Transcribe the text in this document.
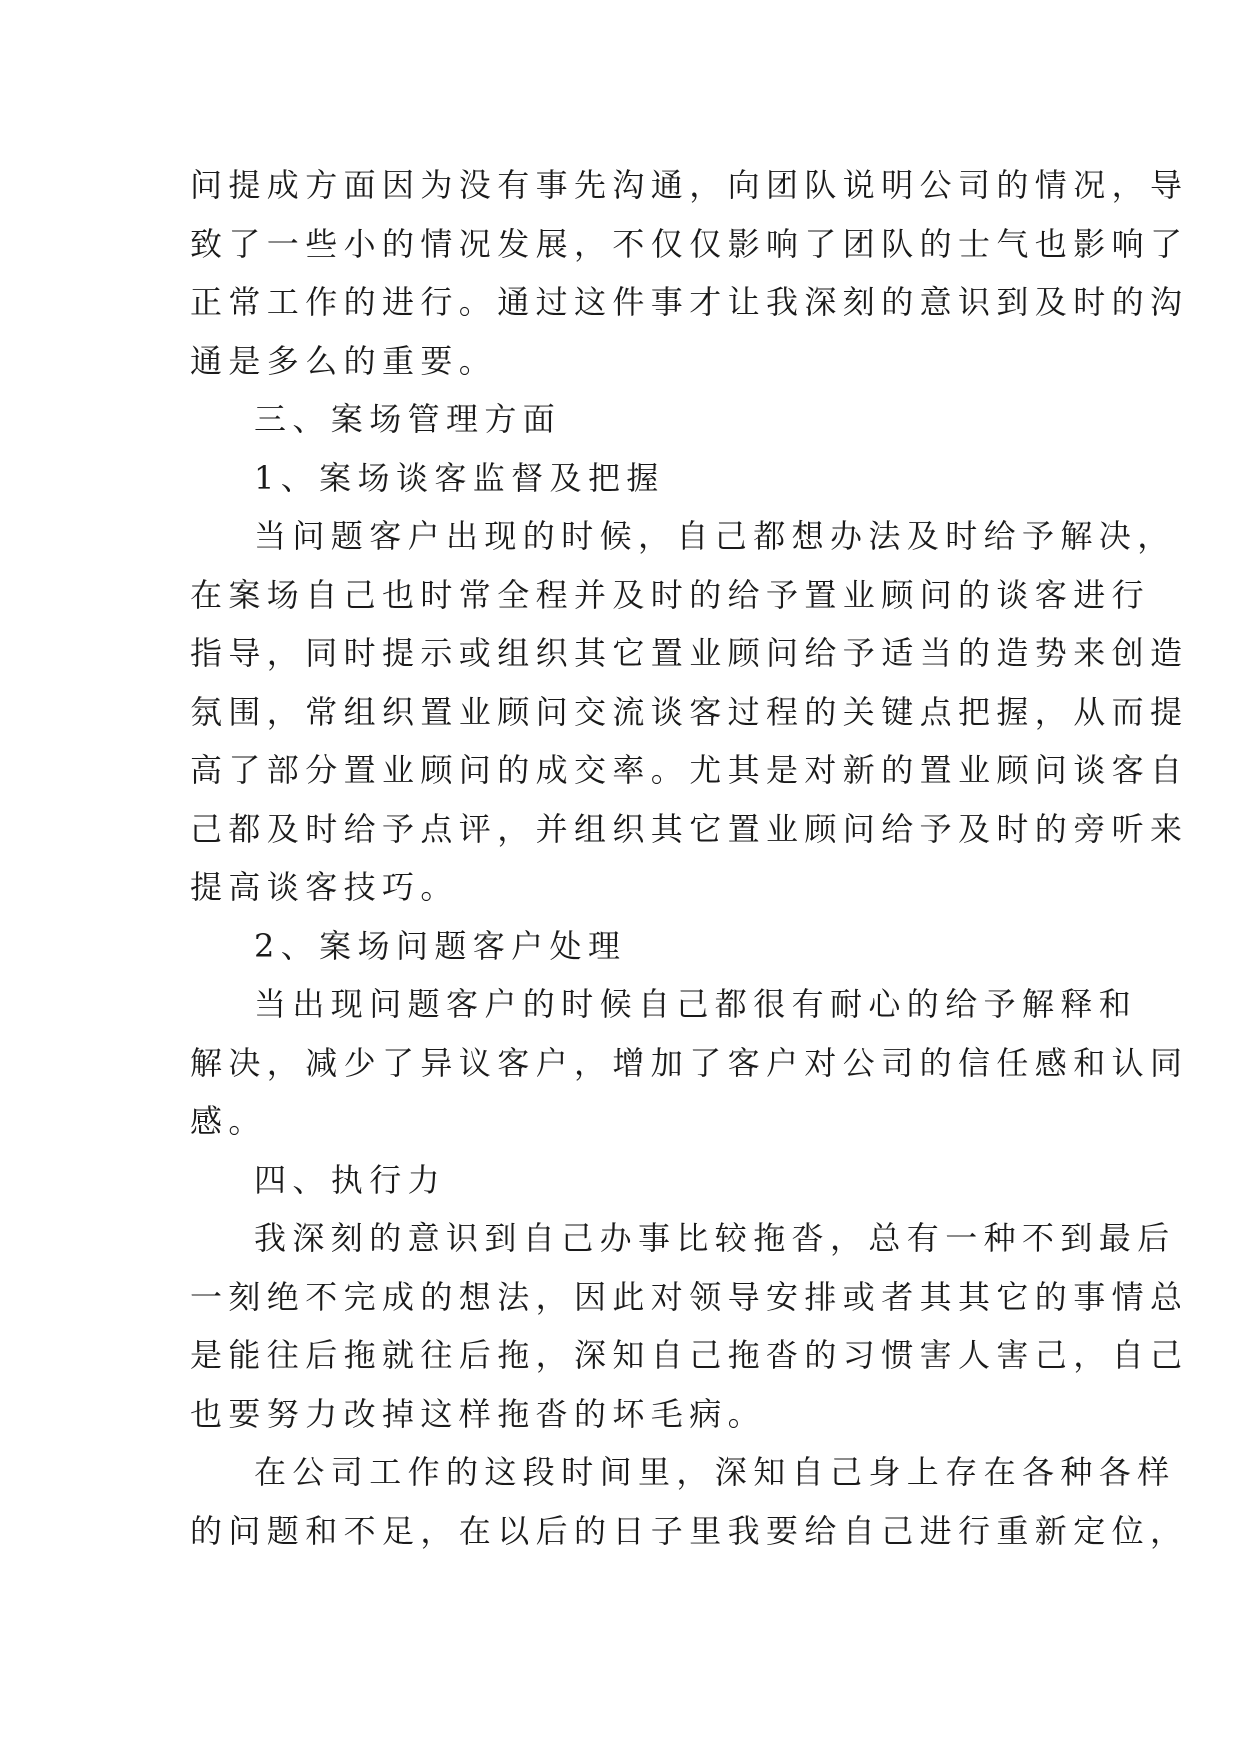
问提成方面因为没有事先沟通，向团队说明公司的情况，导
致了一些小的情况发展，不仅仅影响了团队的士气也影响了
正常工作的进行。通过这件事才让我深刻的意识到及时的沟
通是多么的重要。
三、案场管理方面
1、案场谈客监督及把握
当问题客户出现的时候，自己都想办法及时给予解决，
在案场自己也时常全程并及时的给予置业顾问的谈客进行
指导，同时提示或组织其它置业顾问给予适当的造势来创造
氛围，常组织置业顾问交流谈客过程的关键点把握，从而提
高了部分置业顾问的成交率。尤其是对新的置业顾问谈客自
己都及时给予点评，并组织其它置业顾问给予及时的旁听来
提高谈客技巧。
2、案场问题客户处理
当出现问题客户的时候自己都很有耐心的给予解释和
解决，减少了异议客户，增加了客户对公司的信任感和认同
感。
四、执行力
我深刻的意识到自己办事比较拖沓，总有一种不到最后
一刻绝不完成的想法，因此对领导安排或者其其它的事情总
是能往后拖就往后拖，深知自己拖沓的习惯害人害己，自己
也要努力改掉这样拖沓的坏毛病。
在公司工作的这段时间里，深知自己身上存在各种各样
的问题和不足，在以后的日子里我要给自己进行重新定位，
